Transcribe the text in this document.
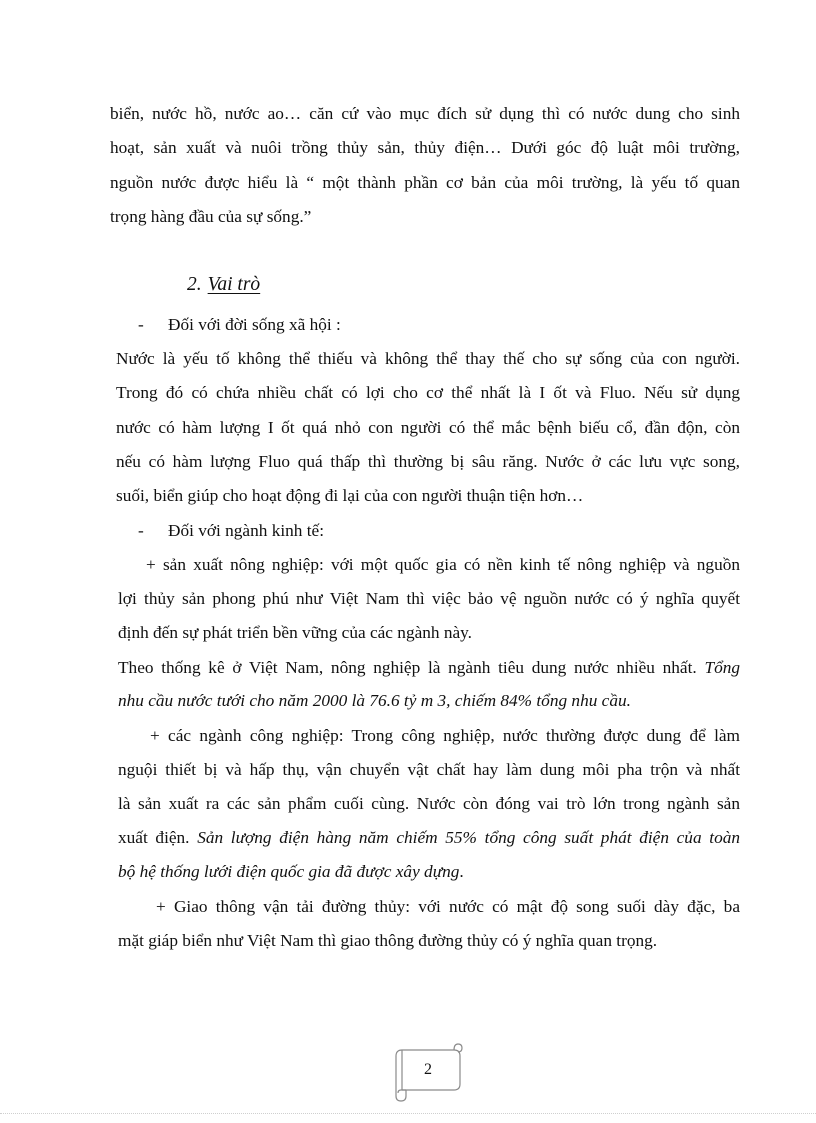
biển, nước hồ, nước ao… căn cứ vào mục đích sử dụng thì có nước dung cho sinh

hoạt, sản xuất và nuôi trồng thủy sản, thủy điện… Dưới góc độ luật môi trường,

nguồn nước được hiểu là “ một thành phần cơ bản của môi trường, là yếu tố quan

trọng hàng đầu của sự sống.”

2. Vai trò

- Đối với đời sống xã hội :

Nước là yếu tố không thể thiếu và không thể thay thế cho sự sống của con người.

Trong đó có chứa nhiều chất có lợi cho cơ thể nhất là I ốt và Fluo. Nếu sử dụng

nước có hàm lượng I ốt quá nhỏ con người có thể mắc bệnh biếu cổ, đần độn, còn

nếu có hàm lượng Fluo quá thấp thì thường bị sâu răng. Nước ở các lưu vực song,

suối, biển giúp cho hoạt động đi lại của con người thuận tiện hơn…

- Đối với ngành kinh tế:

+ sản xuất nông nghiệp: với một quốc gia có nền kinh tế nông nghiệp và nguồn

lợi thủy sản phong phú như Việt Nam thì việc bảo vệ nguồn nước có ý nghĩa quyết

định đến sự phát triển bền vững của các ngành này.

Theo thống kê ở Việt Nam, nông nghiệp là ngành tiêu dung nước nhiều nhất. Tổng

nhu cầu nước tưới cho năm 2000 là 76.6 tỷ m 3, chiếm 84% tổng nhu cầu.

+ các ngành công nghiệp: Trong công nghiệp, nước thường được dung để làm

nguội thiết bị và hấp thụ, vận chuyển vật chất hay làm dung môi pha trộn và nhất

là sản xuất ra các sản phẩm cuối cùng. Nước còn đóng vai trò lớn trong ngành sản

xuất điện. Sản lượng điện hàng năm chiếm 55% tổng công suất phát điện của toàn

bộ hệ thống lưới điện quốc gia đã được xây dựng.

+ Giao thông vận tải đường thủy: với nước có mật độ song suối dày đặc, ba

mặt giáp biển như Việt Nam thì giao thông đường thủy có ý nghĩa quan trọng.

2
